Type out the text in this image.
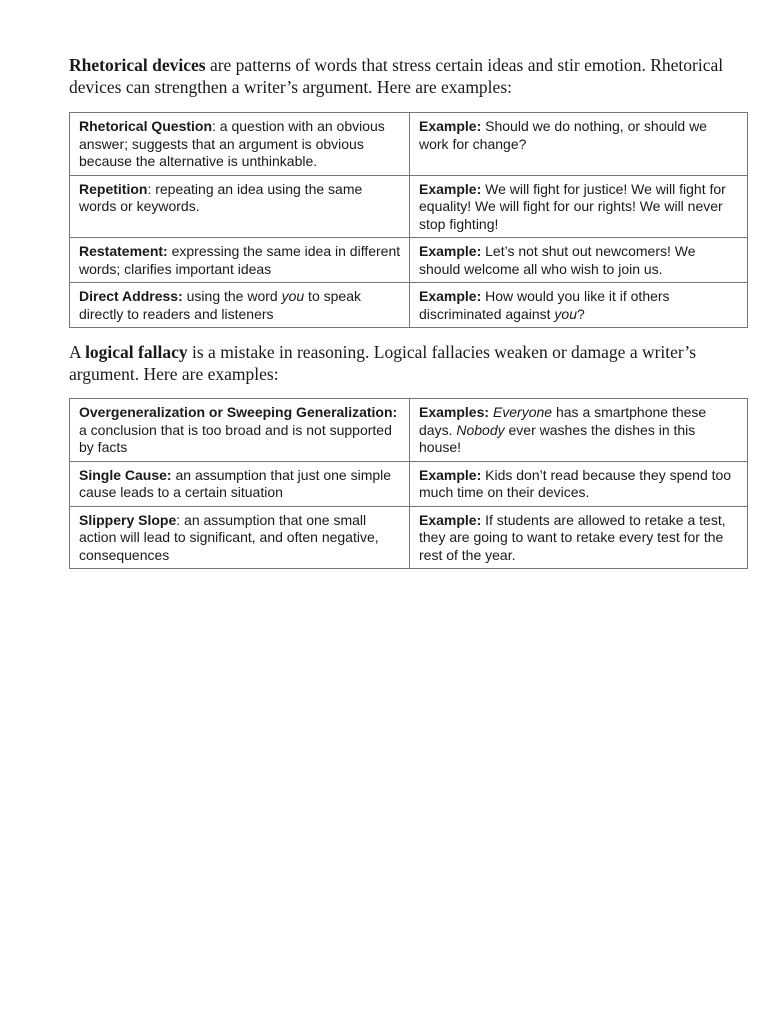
Rhetorical devices are patterns of words that stress certain ideas and stir emotion. Rhetorical devices can strengthen a writer’s argument. Here are examples:

Rhetorical Question: a question with an obvious answer; suggests that an argument is obvious because the alternative is unthinkable.	Example: Should we do nothing, or should we work for change?
Repetition: repeating an idea using the same words or keywords.	Example: We will fight for justice! We will fight for equality! We will fight for our rights! We will never stop fighting!
Restatement: expressing the same idea in different words; clarifies important ideas	Example: Let’s not shut out newcomers! We should welcome all who wish to join us.
Direct Address: using the word you to speak directly to readers and listeners	Example: How would you like it if others discriminated against you?

A logical fallacy is a mistake in reasoning. Logical fallacies weaken or damage a writer’s argument. Here are examples:

Overgeneralization or Sweeping Generalization: a conclusion that is too broad and is not supported by facts	Examples: Everyone has a smartphone these days. Nobody ever washes the dishes in this house!
Single Cause: an assumption that just one simple cause leads to a certain situation	Example: Kids don’t read because they spend too much time on their devices.
Slippery Slope: an assumption that one small action will lead to significant, and often negative, consequences	Example: If students are allowed to retake a test, they are going to want to retake every test for the rest of the year.
